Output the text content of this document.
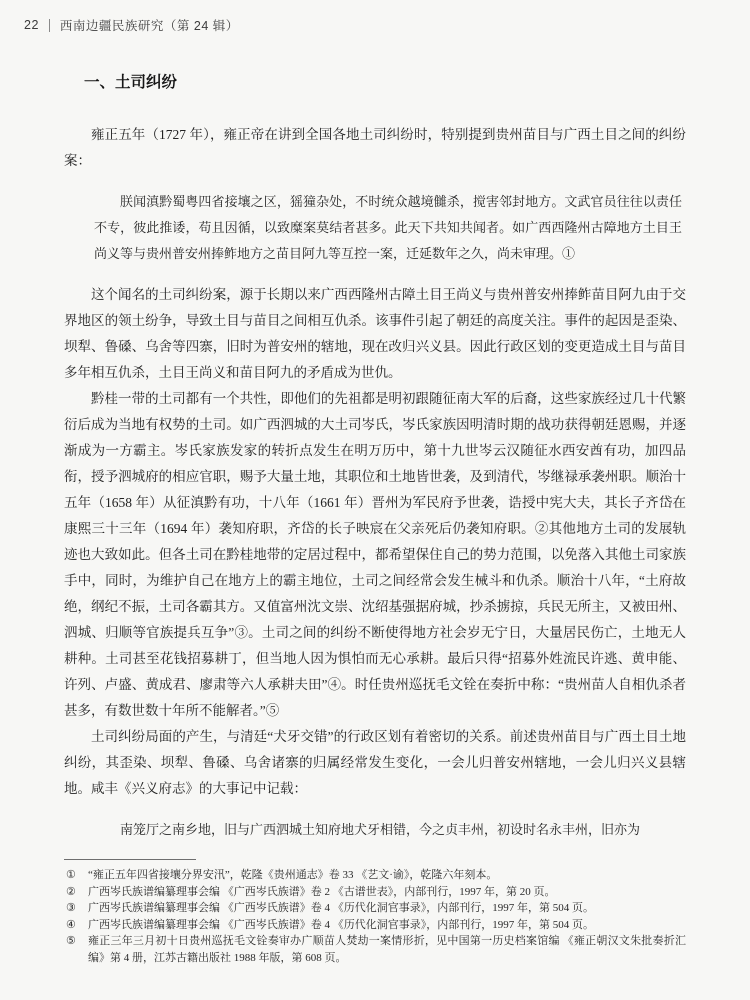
22 西南边疆民族研究（第 24 辑）
一、土司纠纷

雍正五年（1727 年），雍正帝在讲到全国各地土司纠纷时，特别提到贵州苗目与广西土目之间的纠纷案：

朕闻滇黔蜀粤四省接壤之区，猺獞杂处，不时统众越境雠杀，搅害邻封地方。文武官员往往以责任不专，彼此推诿，苟且因循，以致糜案莫结者甚多。此天下共知共闻者。如广西西隆州古障地方土目王尚义等与贵州普安州捧鲊地方之苗目阿九等互控一案，迁延数年之久，尚未审理。①

这个闻名的土司纠纷案，源于长期以来广西西隆州古障土目王尚义与贵州普安州捧鲊苗目阿九由于交界地区的领土纷争，导致土目与苗目之间相互仇杀。该事件引起了朝廷的高度关注。事件的起因是歪染、坝犁、鲁磉、乌舍等四寨，旧时为普安州的辖地，现在改归兴义县。因此行政区划的变更造成土目与苗目多年相互仇杀，土目王尚义和苗目阿九的矛盾成为世仇。

黔桂一带的土司都有一个共性，即他们的先祖都是明初跟随征南大军的后裔，这些家族经过几十代繁衍后成为当地有权势的土司。如广西泗城的大土司岑氏，岑氏家族因明清时期的战功获得朝廷恩赐，并逐渐成为一方霸主。岑氏家族发家的转折点发生在明万历中，第十九世岑云汉随征水西安酋有功，加四品衔，授予泗城府的相应官职，赐予大量土地，其职位和土地皆世袭，及到清代，岑继禄承袭州职。顺治十五年（1658 年）从征滇黔有功，十八年（1661 年）晋州为军民府予世袭，诰授中宪大夫，其长子齐岱在康熙三十三年（1694 年）袭知府职，齐岱的长子映宸在父亲死后仍袭知府职。②其他地方土司的发展轨迹也大致如此。但各土司在黔桂地带的定居过程中，都希望保住自己的势力范围，以免落入其他土司家族手中，同时，为维护自己在地方上的霸主地位，土司之间经常会发生械斗和仇杀。顺治十八年，“土府故绝，纲纪不振，土司各霸其方。又值富州沈文崇、沈绍基强据府城，抄杀掳掠，兵民无所主，又被田州、泗城、归顺等官族提兵互争”③。土司之间的纠纷不断使得地方社会岁无宁日，大量居民伤亡，土地无人耕种。土司甚至花钱招募耕丁，但当地人因为惧怕而无心承耕。最后只得“招募外姓流民许逃、黄申能、许列、卢盛、黄成君、廖肃等六人承耕夫田”④。时任贵州巡抚毛文铨在奏折中称：“贵州苗人自相仇杀者甚多，有数世数十年所不能解者。”⑤

土司纠纷局面的产生，与清廷“犬牙交错”的行政区划有着密切的关系。前述贵州苗目与广西土目土地纠纷，其歪染、坝犁、鲁磉、乌舍诸寨的归属经常发生变化，一会儿归普安州辖地，一会儿归兴义县辖地。咸丰《兴义府志》的大事记中记载：

南笼厅之南乡地，旧与广西泗城土知府地犬牙相错，今之贞丰州，初设时名永丰州，旧亦为
①	“雍正五年四省接壤分界安汛”，乾隆《贵州通志》卷 33 《艺文·谕》，乾隆六年刻本。
②	广西岑氏族谱编纂理事会编 《广西岑氏族谱》卷 2 《古谱世表》，内部刊行，1997 年，第 20 页。
③	广西岑氏族谱编纂理事会编 《广西岑氏族谱》卷 4 《历代化洞官事录》，内部刊行，1997 年，第 504 页。
④	广西岑氏族谱编纂理事会编 《广西岑氏族谱》卷 4 《历代化洞官事录》，内部刊行，1997 年，第 504 页。
⑤	雍正三年三月初十日贵州巡抚毛文铨奏审办广顺苗人焚劫一案情形折，见中国第一历史档案馆编 《雍正朝汉文朱批奏折汇编》第 4 册，江苏古籍出版社 1988 年版，第 608 页。
